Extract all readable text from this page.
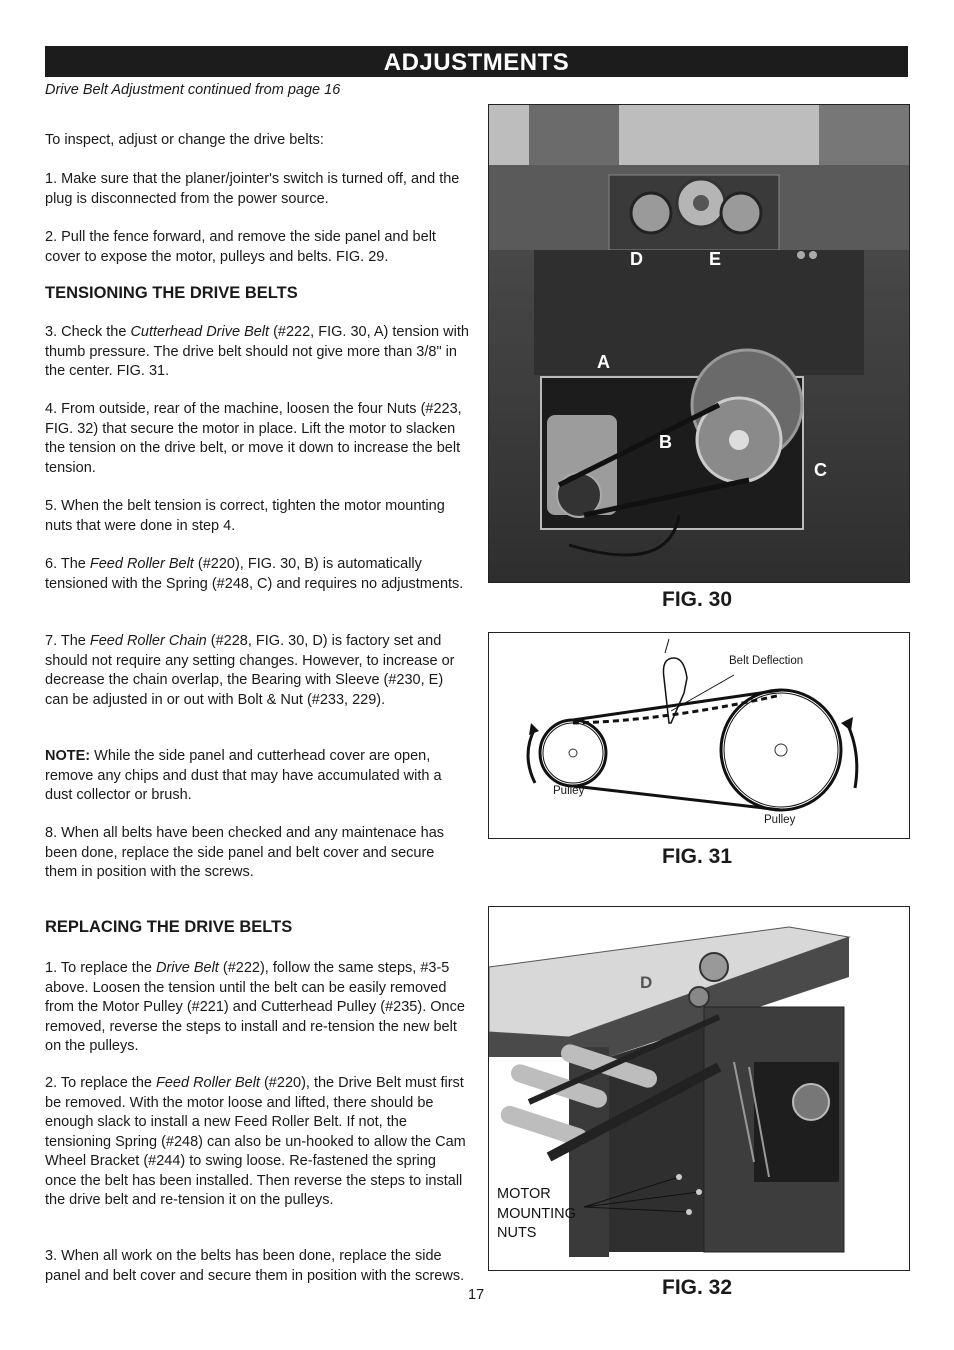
ADJUSTMENTS
Drive Belt Adjustment continued from page 16
To inspect, adjust or change the drive belts:
1. Make sure that the planer/jointer's switch is turned off, and the plug is disconnected from the power source.
2. Pull the fence forward, and remove the side panel and belt cover to expose the motor, pulleys and belts. FIG. 29.
TENSIONING THE DRIVE BELTS
3. Check the Cutterhead Drive Belt (#222, FIG. 30, A) tension with thumb pressure. The drive belt should not give more than 3/8" in the center. FIG. 31.
4. From outside, rear of the machine, loosen the four Nuts (#223, FIG. 32) that secure the motor in place. Lift the motor to slacken the tension on the drive belt, or move it down to increase the belt tension.
5. When the belt tension is correct, tighten the motor mounting nuts that were done in step 4.
6. The Feed Roller Belt (#220), FIG. 30, B) is automatically tensioned with the Spring (#248, C) and requires no adjustments.
7. The Feed Roller Chain (#228, FIG. 30, D) is factory set and should not require any setting changes. However, to increase or decrease the chain overlap, the Bearing with Sleeve (#230, E) can be adjusted in or out with Bolt & Nut (#233, 229).
NOTE: While the side panel and cutterhead cover are open, remove any chips and dust that may have accumulated with a dust collector or brush.
8. When all belts have been checked and any maintenace has been done, replace the side panel and belt cover and secure them in position with the screws.
REPLACING THE DRIVE BELTS
1. To replace the Drive Belt (#222), follow the same steps, #3-5 above. Loosen the tension until the belt can be easily removed from the Motor Pulley (#221) and Cutterhead Pulley (#235). Once removed, reverse the steps to install and re-tension the new belt on the pulleys.
2. To replace the Feed Roller Belt (#220), the Drive Belt must first be removed. With the motor loose and lifted, there should be enough slack to install a new Feed Roller Belt. If not, the tensioning Spring (#248) can also be un-hooked to allow the Cam Wheel Bracket (#244) to swing loose. Re-fastened the spring once the belt has been installed. Then reverse the steps to install the drive belt and re-tension it on the pulleys.
3. When all work on the belts has been done, replace the side panel and belt cover and secure them in position with the screws.
17
D	E
A
B
C
FIG. 30
Belt Deflection
Pulley
Pulley
FIG. 31
D
MOTOR MOUNTING NUTS
FIG. 32
